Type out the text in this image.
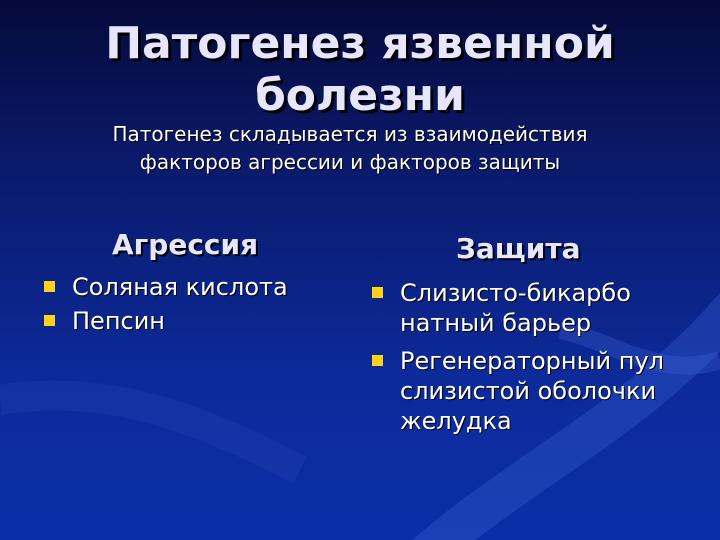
Патогенез язвенной болезни
Патогенез складывается из взаимодействия факторов агрессии и факторов защиты
Агрессия
Соляная кислота
Пепсин
Защита
Слизисто-бикарбо натный барьер
Регенераторный пул слизистой оболочки желудка
